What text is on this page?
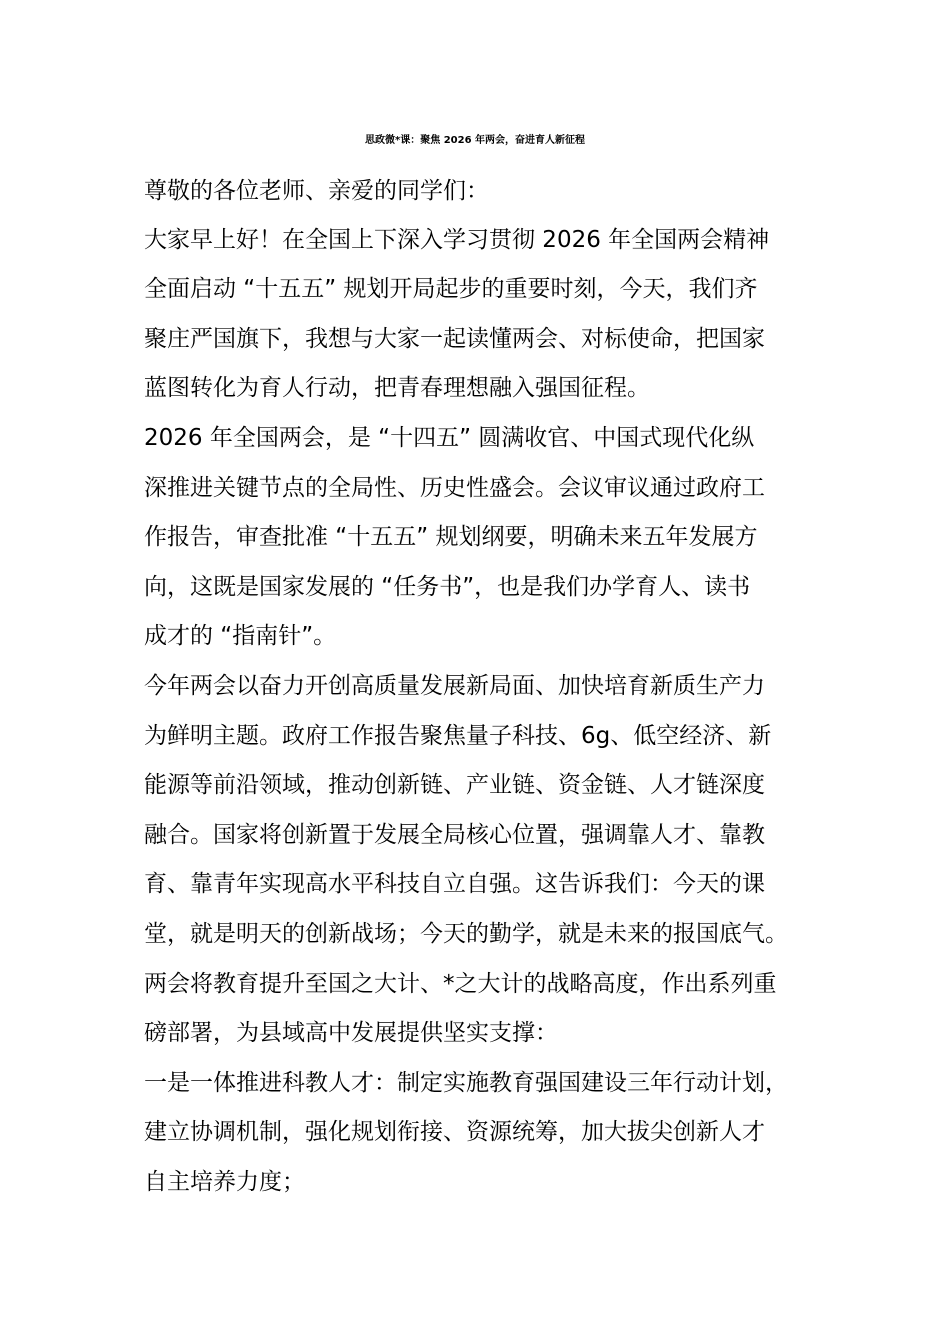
思政微*课：聚焦 2026 年两会，奋进育人新征程
尊敬的各位老师、亲爱的同学们：
大家早上好！在全国上下深入学习贯彻 2026 年全国两会精神
全面启动 “十五五” 规划开局起步的重要时刻，今天，我们齐
聚庄严国旗下，我想与大家一起读懂两会、对标使命，把国家
蓝图转化为育人行动，把青春理想融入强国征程。
2026 年全国两会，是 “十四五” 圆满收官、中国式现代化纵
深推进关键节点的全局性、历史性盛会。会议审议通过政府工
作报告，审查批准 “十五五” 规划纲要，明确未来五年发展方
向，这既是国家发展的 “任务书”，也是我们办学育人、读书
成才的 “指南针”。
今年两会以奋力开创高质量发展新局面、加快培育新质生产力
为鲜明主题。政府工作报告聚焦量子科技、6g、低空经济、新
能源等前沿领域，推动创新链、产业链、资金链、人才链深度
融合。国家将创新置于发展全局核心位置，强调靠人才、靠教
育、靠青年实现高水平科技自立自强。这告诉我们：今天的课
堂，就是明天的创新战场；今天的勤学，就是未来的报国底气。
两会将教育提升至国之大计、*之大计的战略高度，作出系列重
磅部署，为县域高中发展提供坚实支撑：
一是一体推进科教人才：制定实施教育强国建设三年行动计划，
建立协调机制，强化规划衔接、资源统筹，加大拔尖创新人才
自主培养力度；
